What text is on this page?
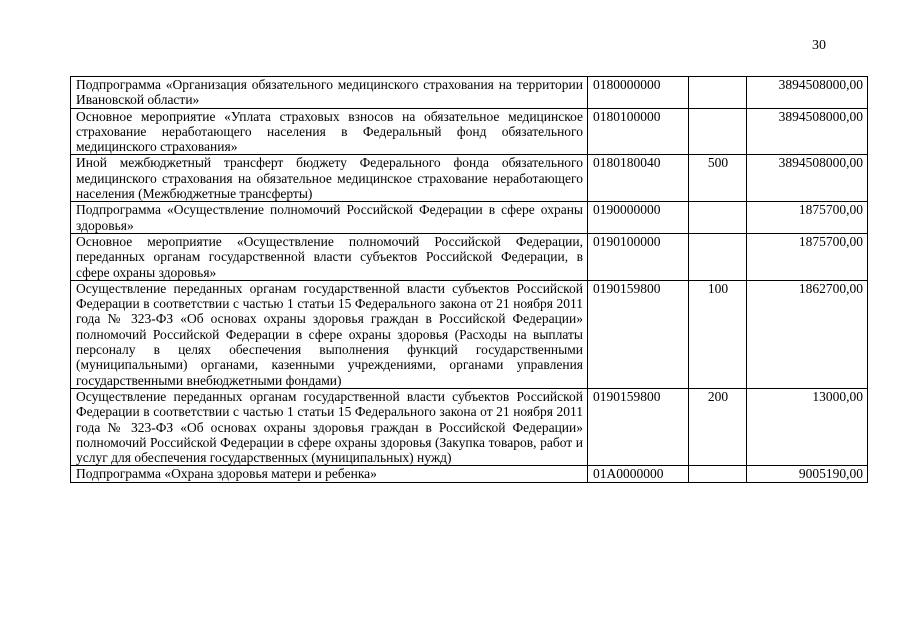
30
Подпрограмма «Организация обязательного медицинского страхования на территории Ивановской области»	0180000000		3894508000,00
Основное мероприятие «Уплата страховых взносов на обязательное медицинское страхование неработающего населения в Федеральный фонд обязательного медицинского страхования»	0180100000		3894508000,00
Иной межбюджетный трансферт бюджету Федерального фонда обязательного медицинского страхования на обязательное медицинское страхование неработающего населения (Межбюджетные трансферты)	0180180040	500	3894508000,00
Подпрограмма «Осуществление полномочий Российской Федерации в сфере охраны здоровья»	0190000000		1875700,00
Основное мероприятие «Осуществление полномочий Российской Федерации, переданных органам государственной власти субъектов Российской Федерации, в сфере охраны здоровья»	0190100000		1875700,00
Осуществление переданных органам государственной власти субъектов Российской Федерации в соответствии с частью 1 статьи 15 Федерального закона от 21 ноября 2011 года № 323-ФЗ «Об основах охраны здоровья граждан в Российской Федерации» полномочий Российской Федерации в сфере охраны здоровья (Расходы на выплаты персоналу в целях обеспечения выполнения функций государственными (муниципальными) органами, казенными учреждениями, органами управления государственными внебюджетными фондами)	0190159800	100	1862700,00
Осуществление переданных органам государственной власти субъектов Российской Федерации в соответствии с частью 1 статьи 15 Федерального закона от 21 ноября 2011 года № 323-ФЗ «Об основах охраны здоровья граждан в Российской Федерации» полномочий Российской Федерации в сфере охраны здоровья (Закупка товаров, работ и услуг для обеспечения государственных (муниципальных) нужд)	0190159800	200	13000,00
Подпрограмма «Охрана здоровья матери и ребенка»	01А0000000		9005190,00
